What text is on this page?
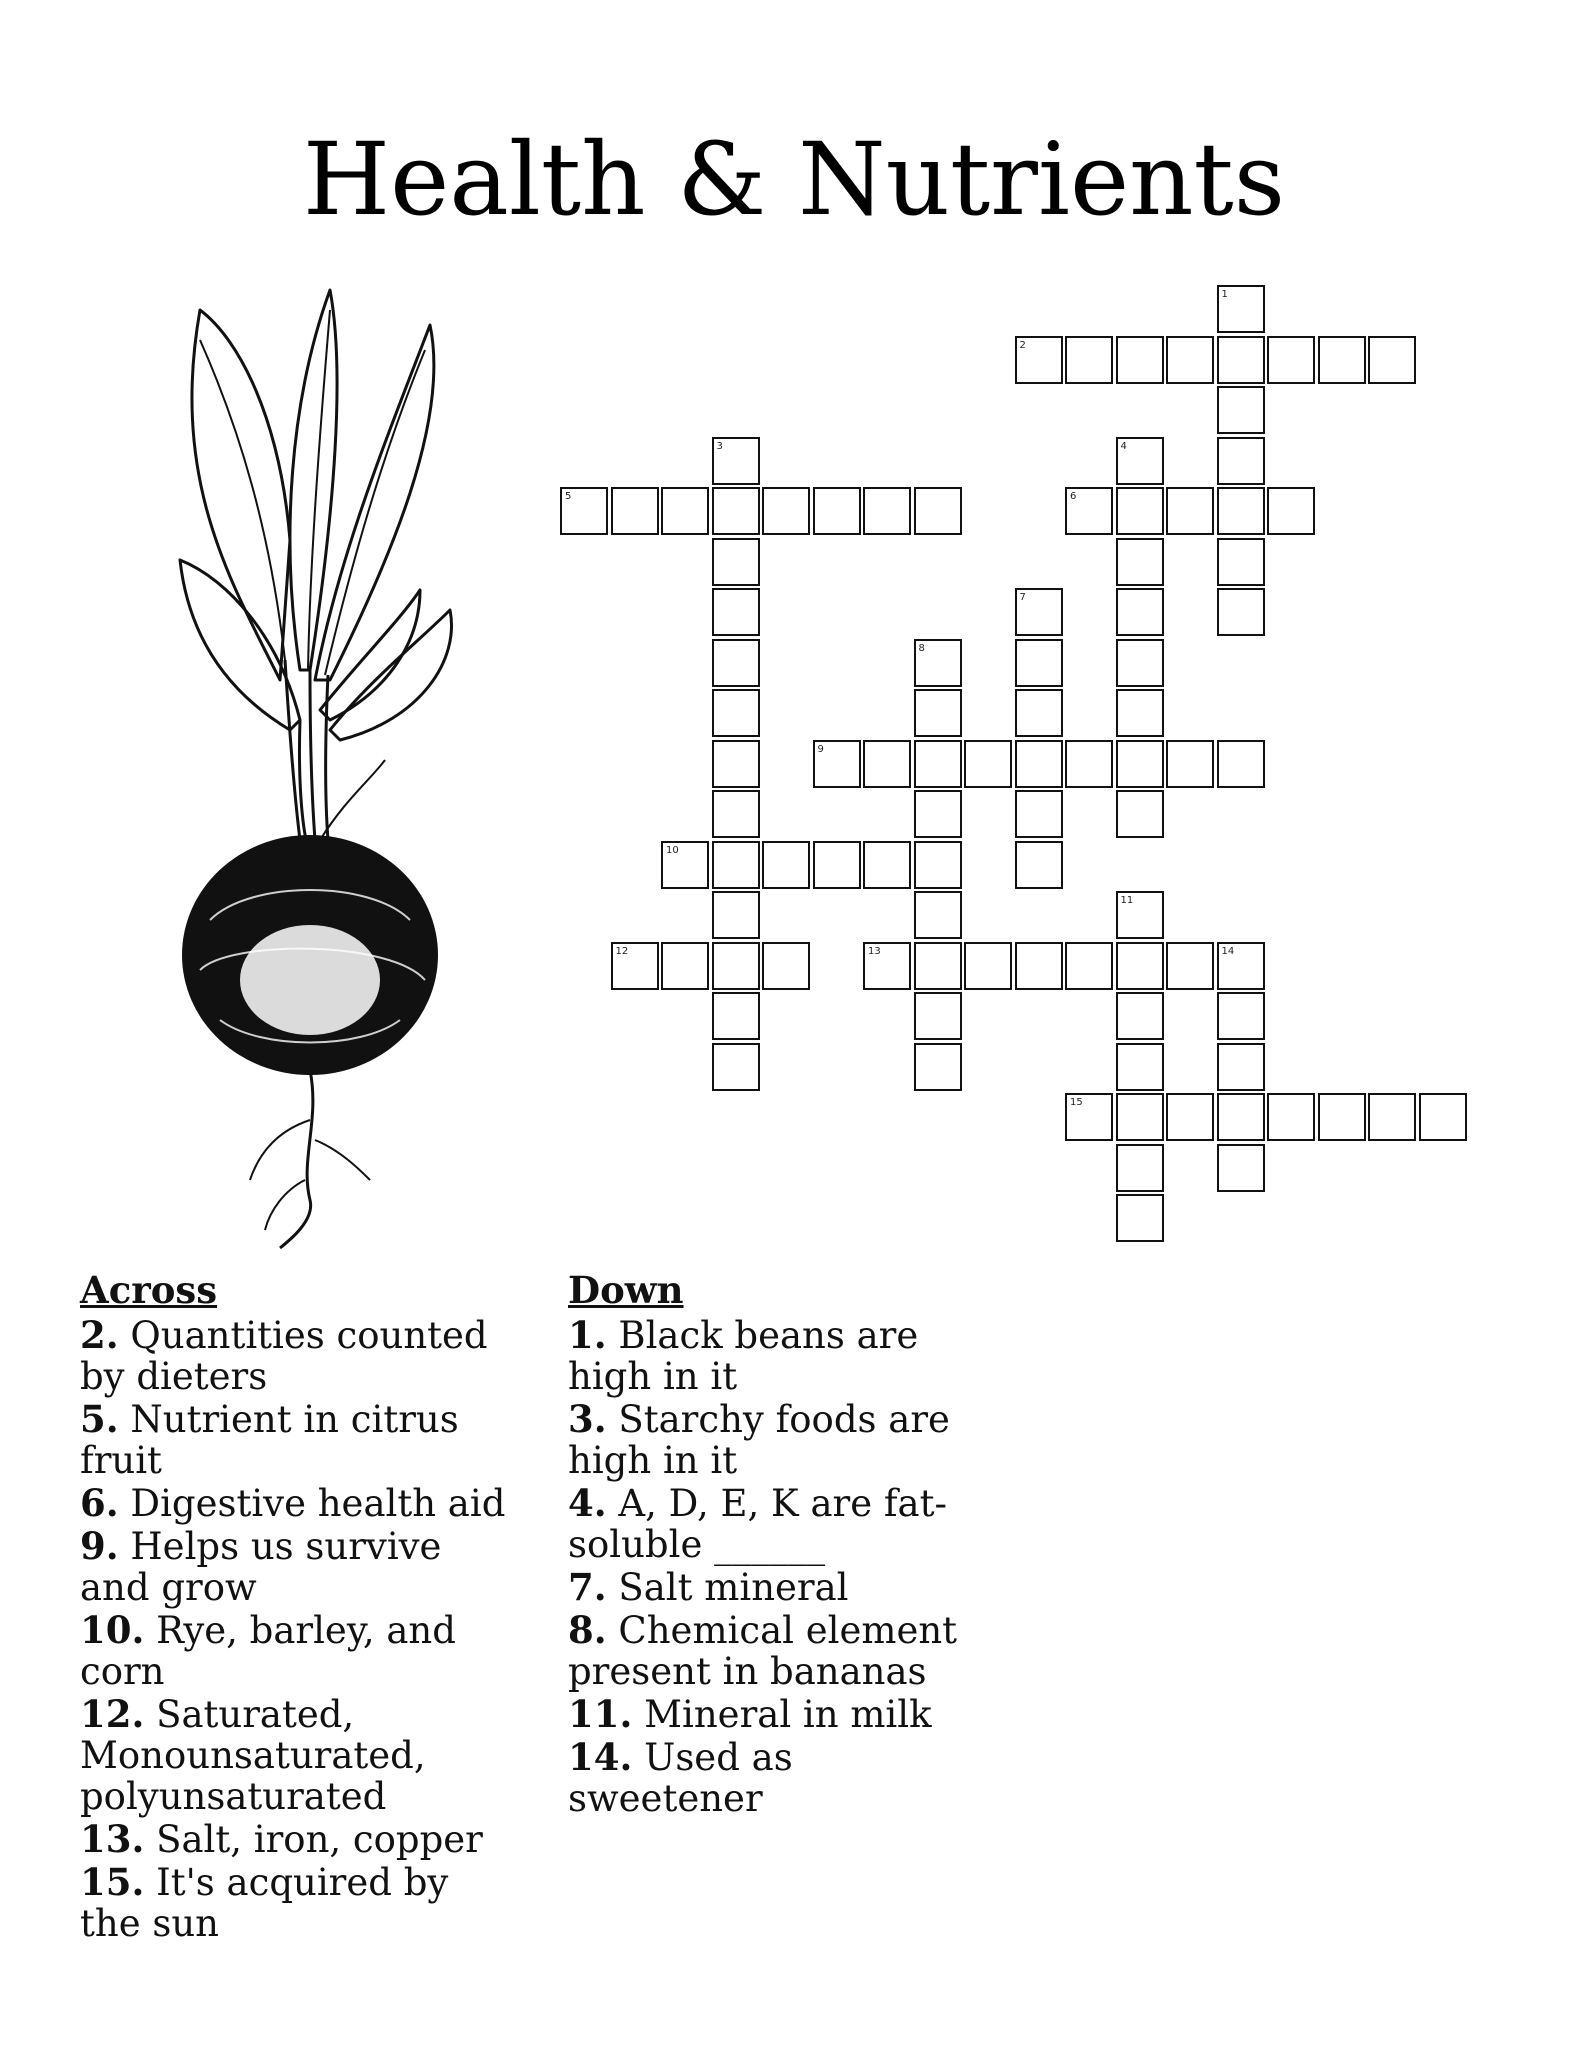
Health & Nutrients
1
2
3	4
5	6
7
8
9
10
11
12	13	14
15
Across
2. Quantities counted by dieters
5. Nutrient in citrus fruit
6. Digestive health aid
9. Helps us survive and grow
10. Rye, barley, and corn
12. Saturated, Monounsaturated, polyunsaturated
13. Salt, iron, copper
15. It's acquired by the sun
Down
1. Black beans are high in it
3. Starchy foods are high in it
4. A, D, E, K are fat-soluble ______
7. Salt mineral
8. Chemical element present in bananas
11. Mineral in milk
14. Used as sweetener
